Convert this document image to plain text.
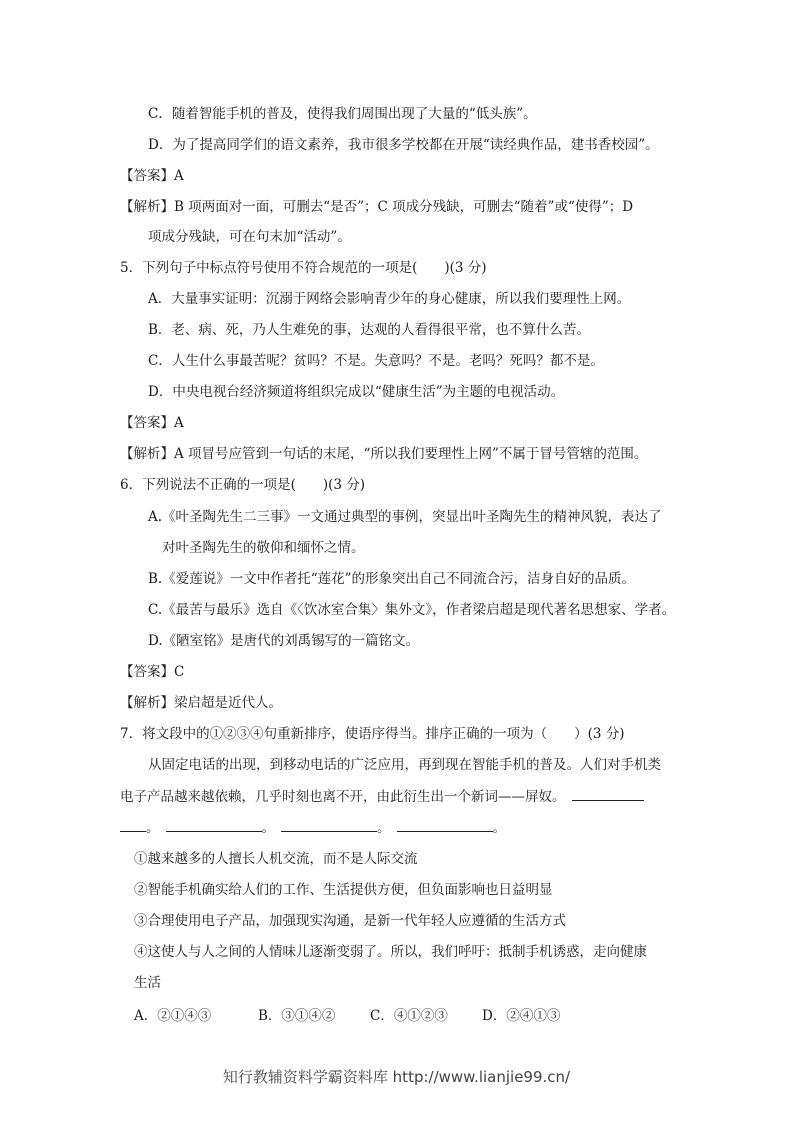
C．随着智能手机的普及，使得我们周围出现了大量的“低头族”。
D．为了提高同学们的语文素养，我市很多学校都在开展“读经典作品，建书香校园”。
【答案】A
【解析】B 项两面对一面，可删去“是否”；C 项成分残缺，可删去“随着”或“使得”；D
项成分残缺，可在句末加“活动”。
5．下列句子中标点符号使用不符合规范的一项是(　　)(3 分)
A．大量事实证明：沉溺于网络会影响青少年的身心健康，所以我们要理性上网。
B．老、病、死，乃人生难免的事，达观的人看得很平常，也不算什么苦。
C．人生什么事最苦呢？贫吗？不是。失意吗？不是。老吗？死吗？都不是。
D．中央电视台经济频道将组织完成以“健康生活”为主题的电视活动。
【答案】A
【解析】A 项冒号应管到一句话的末尾，“所以我们要理性上网”不属于冒号管辖的范围。
6．下列说法不正确的一项是(　　)(3 分)
A.《叶圣陶先生二三事》一文通过典型的事例，突显出叶圣陶先生的精神风貌，表达了
对叶圣陶先生的敬仰和缅怀之情。
B.《爱莲说》一文中作者托“莲花”的形象突出自己不同流合污，洁身自好的品质。
C.《最苦与最乐》选自《〈饮冰室合集〉集外文》，作者梁启超是现代著名思想家、学者。
D.《陋室铭》是唐代的刘禹锡写的一篇铭文。
【答案】C
【解析】梁启超是近代人。
7．将文段中的①②③④句重新排序，使语序得当。排序正确的一项为（　　）(3 分)
从固定电话的出现，到移动电话的广泛应用，再到现在智能手机的普及。人们对手机类
电子产品越来越依赖，几乎时刻也离不开，由此衍生出一个新词——屏奴。
。	。	。	。
①越来越多的人擅长人机交流，而不是人际交流
②智能手机确实给人们的工作、生活提供方便，但负面影响也日益明显
③合理使用电子产品，加强现实沟通，是新一代年轻人应遵循的生活方式
④这使人与人之间的人情味儿逐渐变弱了。所以，我们呼吁：抵制手机诱惑，走向健康
生活
A．②①④③	B．③①④②	C．④①②③	D．②④①③
知行教辅资料学霸资料库 http://www.lianjie99.cn/
